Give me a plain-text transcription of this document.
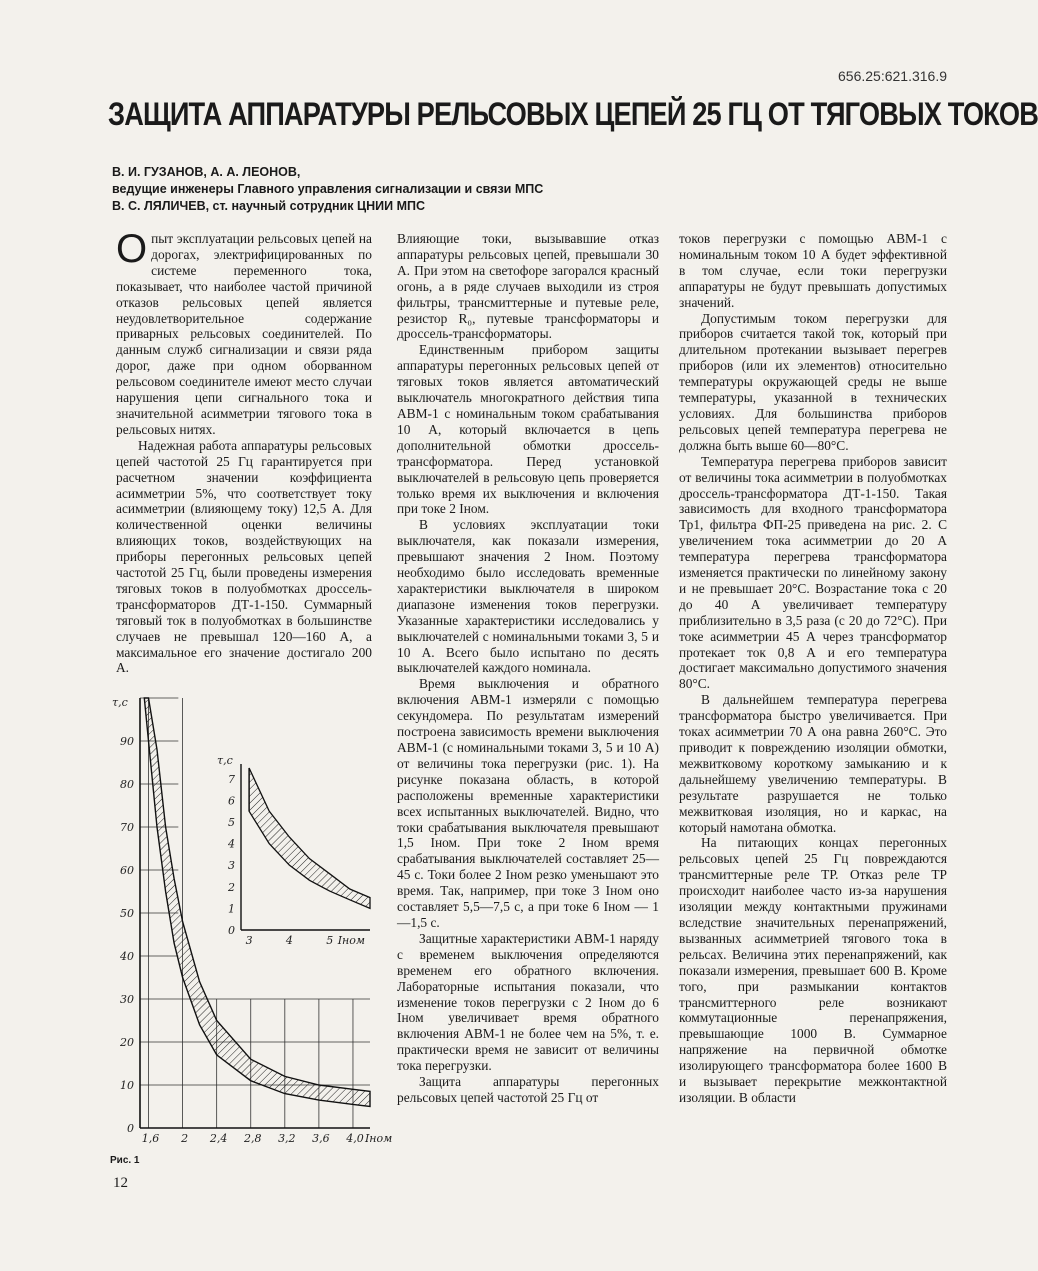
656.25:621.316.9
ЗАЩИТА АППАРАТУРЫ РЕЛЬСОВЫХ ЦЕПЕЙ 25 ГЦ ОТ ТЯГОВЫХ ТОКОВ
В. И. ГУЗАНОВ, А. А. ЛЕОНОВ,
ведущие инженеры Главного управления сигнализации и связи МПС
В. С. ЛЯЛИЧЕВ, ст. научный сотрудник ЦНИИ МПС

Опыт эксплуатации рельсовых цепей на дорогах, электрифицированных по системе переменного тока, показывает, что наиболее частой причиной отказов рельсовых цепей является неудовлетворительное содержание приварных рельсовых соединителей. По данным служб сигнализации и связи ряда дорог, даже при одном оборванном рельсовом соединителе имеют место случаи нарушения цепи сигнального тока и значительной асимметрии тягового тока в рельсовых нитях.

Надежная работа аппаратуры рельсовых цепей частотой 25 Гц гарантируется при расчетном значении коэффициента асимметрии 5%, что соответствует току асимметрии (влияющему току) 12,5 А. Для количественной оценки величины влияющих токов, воздействующих на приборы перегонных рельсовых цепей частотой 25 Гц, были проведены измерения тяговых токов в полуобмотках дроссель-трансформаторов ДТ-1-150. Суммарный тяговый ток в полуобмотках в большинстве случаев не превышал 120—160 А, а максимальное его значение достигало 200 А.

Влияющие токи, вызывавшие отказ аппаратуры рельсовых цепей, превышали 30 А. При этом на светофоре загорался красный огонь, а в ряде случаев выходили из строя фильтры, трансмиттерные и путевые реле, резистор R₀, путевые трансформаторы и дроссель-трансформаторы.

Единственным прибором защиты аппаратуры перегонных рельсовых цепей от тяговых токов является автоматический выключатель многократного действия типа АВМ-1 с номинальным током срабатывания 10 А, который включается в цепь дополнительной обмотки дроссель-трансформатора. Перед установкой выключателей в рельсовую цепь проверяется только время их выключения и включения при токе 2 Iном.

В условиях эксплуатации токи выключателя, как показали измерения, превышают значения 2 Iном. Поэтому необходимо было исследовать временные характеристики выключателя в широком диапазоне изменения токов перегрузки. Указанные характеристики исследовались у выключателей с номинальными токами 3, 5 и 10 А. Всего было испытано по десять выключателей каждого номинала.

Время выключения и обратного включения АВМ-1 измеряли с помощью секундомера. По результатам измерений построена зависимость времени выключения АВМ-1 (с номинальными токами 3, 5 и 10 А) от величины тока перегрузки (рис. 1). На рисунке показана область, в которой расположены временные характеристики всех испытанных выключателей. Видно, что токи срабатывания выключателя превышают 1,5 Iном. При токе 2 Iном время срабатывания выключателей составляет 25—45 с. Токи более 2 Iном резко уменьшают это время. Так, например, при токе 3 Iном оно составляет 5,5—7,5 с, а при токе 6 Iном — 1—1,5 с.

Защитные характеристики АВМ-1 наряду с временем выключения определяются временем его обратного включения. Лабораторные испытания показали, что изменение токов перегрузки с 2 Iном до 6 Iном увеличивает время обратного включения АВМ-1 не более чем на 5%, т. е. практически время не зависит от величины тока перегрузки.

Защита аппаратуры перегонных рельсовых цепей частотой 25 Гц от

токов перегрузки с помощью АВМ-1 с номинальным током 10 А будет эффективной в том случае, если токи перегрузки аппаратуры не будут превышать допустимых значений.

Допустимым током перегрузки для приборов считается такой ток, который при длительном протекании вызывает перегрев приборов (или их элементов) относительно температуры окружающей среды не выше температуры, указанной в технических условиях. Для большинства приборов рельсовых цепей температура перегрева не должна быть выше 60—80°С.

Температура перегрева приборов зависит от величины тока асимметрии в полуобмотках дроссель-трансформатора ДТ-1-150. Такая зависимость для входного трансформатора Тр1, фильтра ФП-25 приведена на рис. 2. С увеличением тока асимметрии до 20 А температура перегрева трансформатора изменяется практически по линейному закону и не превышает 20°С. Возрастание тока с 20 до 40 А увеличивает температуру приблизительно в 3,5 раза (с 20 до 72°С). При токе асимметрии 45 А через трансформатор протекает ток 0,8 А и его температура достигает максимально допустимого значения 80°С.

В дальнейшем температура перегрева трансформатора быстро увеличивается. При токах асимметрии 70 А она равна 260°С. Это приводит к повреждению изоляции обмотки, межвитковому короткому замыканию и к дальнейшему увеличению температуры. В результате разрушается не только межвитковая изоляция, но и каркас, на который намотана обмотка.

На питающих концах перегонных рельсовых цепей 25 Гц повреждаются трансмиттерные реле ТР. Отказ реле ТР происходит наиболее часто из-за нарушения изоляции между контактными пружинами вследствие значительных перенапряжений, вызванных асимметрией тягового тока в рельсах. Величина этих перенапряжений, как показали измерения, превышает 600 В. Кроме того, при размыкании контактов трансмиттерного реле возникают коммутационные перенапряжения, превышающие 1000 В. Суммарное напряжение на первичной обмотке изолирующего трансформатора более 1600 В и вызывает перекрытие межконтактной изоляции. В области

τ,c
90
80
70
60
50
40
30
20
10
0
1,6 2 2,4 2,8 3,2 3,6 4,0 Iном
τ,c
7
6
5
4
3
2
1
0
3	4	5 Iном
Рис. 1
12
